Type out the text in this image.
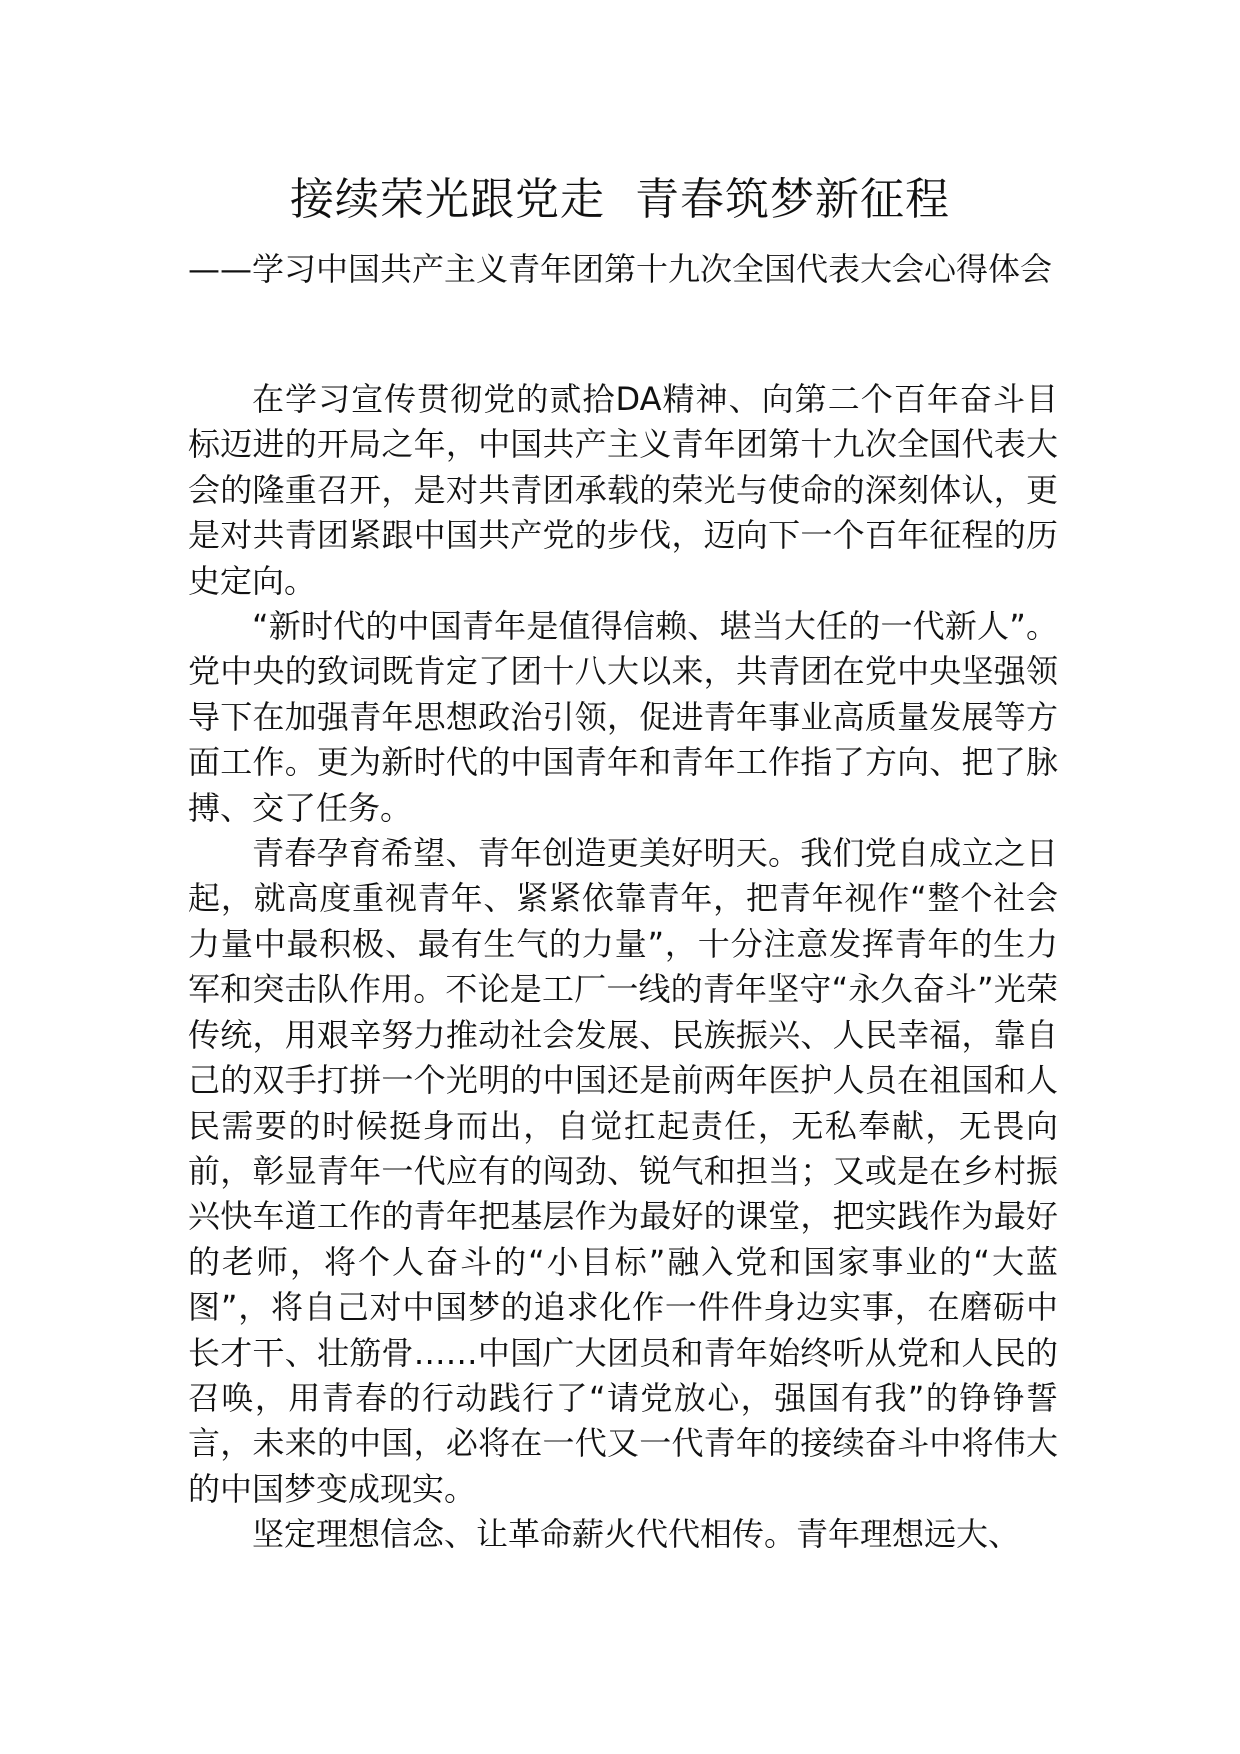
接续荣光跟党走  青春筑梦新征程
——学习中国共产主义青年团第十九次全国代表大会心得体会

在学习宣传贯彻党的贰拾DA精神、向第二个百年奋斗目标迈进的开局之年，中国共产主义青年团第十九次全国代表大会的隆重召开，是对共青团承载的荣光与使命的深刻体认，更是对共青团紧跟中国共产党的步伐，迈向下一个百年征程的历史定向。

“新时代的中国青年是值得信赖、堪当大任的一代新人”。党中央的致词既肯定了团十八大以来，共青团在党中央坚强领导下在加强青年思想政治引领，促进青年事业高质量发展等方面工作。更为新时代的中国青年和青年工作指了方向、把了脉搏、交了任务。

青春孕育希望、青年创造更美好明天。我们党自成立之日起，就高度重视青年、紧紧依靠青年，把青年视作“整个社会力量中最积极、最有生气的力量”，十分注意发挥青年的生力军和突击队作用。不论是工厂一线的青年坚守“永久奋斗”光荣传统，用艰辛努力推动社会发展、民族振兴、人民幸福，靠自己的双手打拼一个光明的中国还是前两年医护人员在祖国和人民需要的时候挺身而出，自觉扛起责任，无私奉献，无畏向前，彰显青年一代应有的闯劲、锐气和担当；又或是在乡村振兴快车道工作的青年把基层作为最好的课堂，把实践作为最好的老师，将个人奋斗的“小目标”融入党和国家事业的“大蓝图”，将自己对中国梦的追求化作一件件身边实事，在磨砺中长才干、壮筋骨……中国广大团员和青年始终听从党和人民的召唤，用青春的行动践行了“请党放心，强国有我”的铮铮誓言，未来的中国，必将在一代又一代青年的接续奋斗中将伟大的中国梦变成现实。

坚定理想信念、让革命薪火代代相传。青年理想远大、
